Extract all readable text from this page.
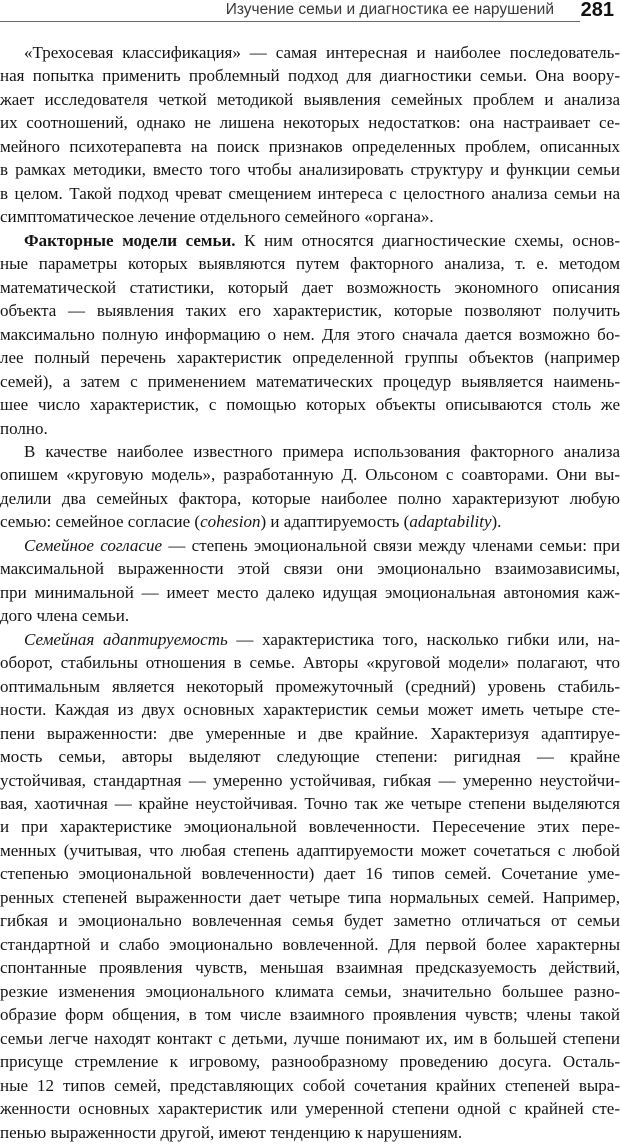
Изучение семьи и диагностика ее нарушений 281
«Трехосевая классификация» — самая интересная и наиболее последователь-
ная попытка применить проблемный подход для диагностики семьи. Она воору-
жает исследователя четкой методикой выявления семейных проблем и анализа
их соотношений, однако не лишена некоторых недостатков: она настраивает се-
мейного психотерапевта на поиск признаков определенных проблем, описанных
в рамках методики, вместо того чтобы анализировать структуру и функции семьи
в целом. Такой подход чреват смещением интереса с целостного анализа семьи на
симптоматическое лечение отдельного семейного «органа».
Факторные модели семьи. К ним относятся диагностические схемы, основ-
ные параметры которых выявляются путем факторного анализа, т. е. методом
математической статистики, который дает возможность экономного описания
объекта — выявления таких его характеристик, которые позволяют получить
максимально полную информацию о нем. Для этого сначала дается возможно бо-
лее полный перечень характеристик определенной группы объектов (например
семей), а затем с применением математических процедур выявляется наимень-
шее число характеристик, с помощью которых объекты описываются столь же
полно.
В качестве наиболее известного примера использования факторного анализа
опишем «круговую модель», разработанную Д. Ольсоном с соавторами. Они вы-
делили два семейных фактора, которые наиболее полно характеризуют любую
семью: семейное согласие (cohesion) и адаптируемость (adaptability).
Семейное согласие — степень эмоциональной связи между членами семьи: при
максимальной выраженности этой связи они эмоционально взаимозависимы,
при минимальной — имеет место далеко идущая эмоциональная автономия каж-
дого члена семьи.
Семейная адаптируемость — характеристика того, насколько гибки или, на-
оборот, стабильны отношения в семье. Авторы «круговой модели» полагают, что
оптимальным является некоторый промежуточный (средний) уровень стабиль-
ности. Каждая из двух основных характеристик семьи может иметь четыре сте-
пени выраженности: две умеренные и две крайние. Характеризуя адаптируе-
мость семьи, авторы выделяют следующие степени: ригидная — крайне
устойчивая, стандартная — умеренно устойчивая, гибкая — умеренно неустойчи-
вая, хаотичная — крайне неустойчивая. Точно так же четыре степени выделяются
и при характеристике эмоциональной вовлеченности. Пересечение этих пере-
менных (учитывая, что любая степень адаптируемости может сочетаться с любой
степенью эмоциональной вовлеченности) дает 16 типов семей. Сочетание уме-
ренных степеней выраженности дает четыре типа нормальных семей. Например,
гибкая и эмоционально вовлеченная семья будет заметно отличаться от семьи
стандартной и слабо эмоционально вовлеченной. Для первой более характерны
спонтанные проявления чувств, меньшая взаимная предсказуемость действий,
резкие изменения эмоционального климата семьи, значительно большее разно-
образие форм общения, в том числе взаимного проявления чувств; члены такой
семьи легче находят контакт с детьми, лучше понимают их, им в большей степени
присуще стремление к игровому, разнообразному проведению досуга. Осталь-
ные 12 типов семей, представляющих собой сочетания крайних степеней выра-
женности основных характеристик или умеренной степени одной с крайней сте-
пенью выраженности другой, имеют тенденцию к нарушениям.
